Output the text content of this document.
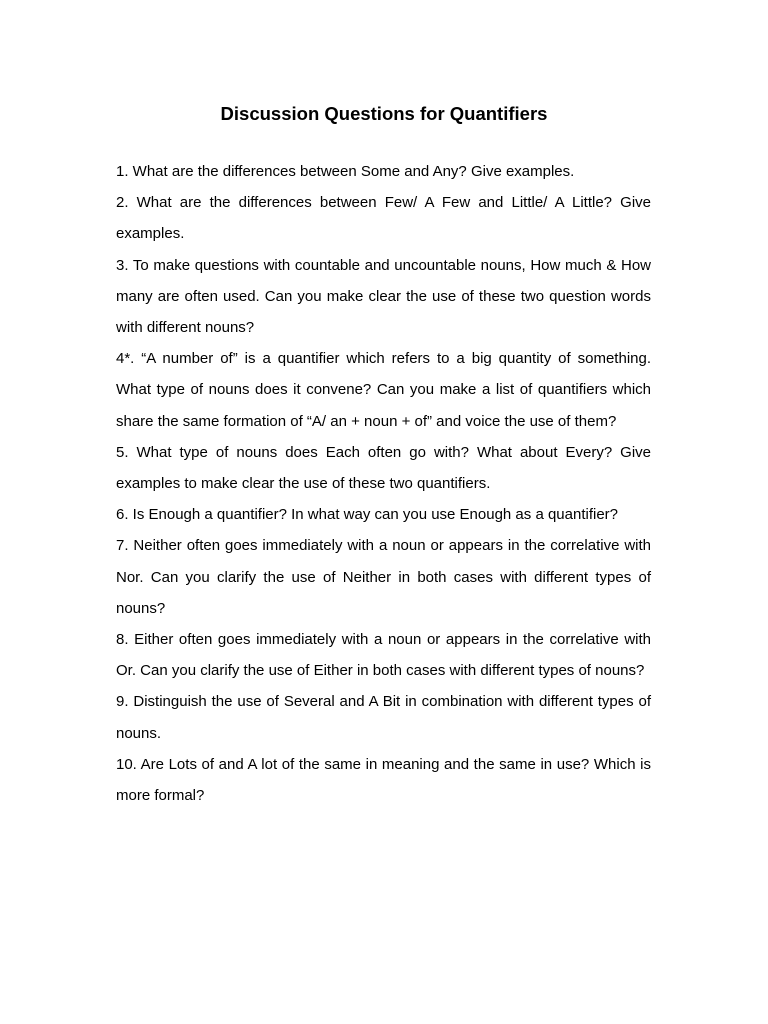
Discussion Questions for Quantifiers
1. What are the differences between Some and Any? Give examples.
2. What are the differences between Few/ A Few and Little/ A Little? Give examples.
3. To make questions with countable and uncountable nouns, How much & How many are often used. Can you make clear the use of these two question words with different nouns?
4*. “A number of” is a quantifier which refers to a big quantity of something. What type of nouns does it convene? Can you make a list of quantifiers which share the same formation of “A/ an + noun + of” and voice the use of them?
5. What type of nouns does Each often go with? What about Every? Give examples to make clear the use of these two quantifiers.
6. Is Enough a quantifier? In what way can you use Enough as a quantifier?
7. Neither often goes immediately with a noun or appears in the correlative with Nor. Can you clarify the use of Neither in both cases with different types of nouns?
8. Either often goes immediately with a noun or appears in the correlative with Or. Can you clarify the use of Either in both cases with different types of nouns?
9. Distinguish the use of Several and A Bit in combination with different types of nouns.
10. Are Lots of and A lot of the same in meaning and the same in use? Which is more formal?
